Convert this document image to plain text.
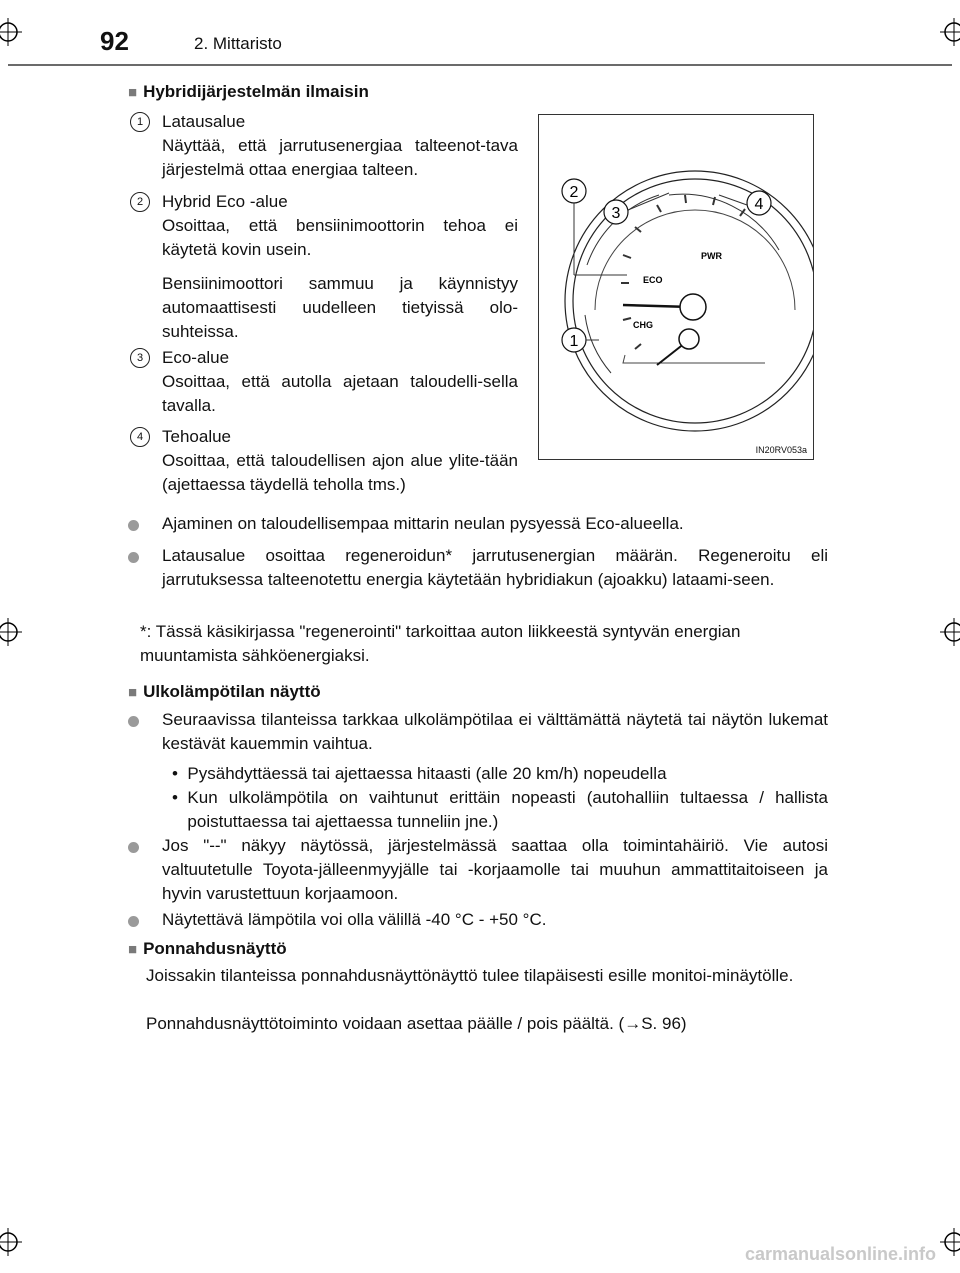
92	2. Mittaristo
■ Hybridijärjestelmän ilmaisin
1	Latausalue
Näyttää, että jarrutusenergiaa talteenot-tava järjestelmä ottaa energiaa talteen.
2	Hybrid Eco -alue
Osoittaa, että bensiinimoottorin tehoa ei käytetä kovin usein.
Bensiinimoottori sammuu ja käynnistyy automaattisesti uudelleen tietyissä olo-suhteissa.
3	Eco-alue
Osoittaa, että autolla ajetaan taloudelli-sella tavalla.
4	Tehoalue
Osoittaa, että taloudellisen ajon alue ylite-tään (ajettaessa täydellä teholla tms.)
ECO
PWR
CHG
2
3
4
1
IN20RV053a
Ajaminen on taloudellisempaa mittarin neulan pysyessä Eco-alueella.
Latausalue osoittaa regeneroidun* jarrutusenergian määrän. Regeneroitu eli jarrutuksessa talteenotettu energia käytetään hybridiakun (ajoakku) lataami-seen.
*: Tässä käsikirjassa "regenerointi" tarkoittaa auton liikkeestä syntyvän energian muuntamista sähköenergiaksi.
■ Ulkolämpötilan näyttö
Seuraavissa tilanteissa tarkkaa ulkolämpötilaa ei välttämättä näytetä tai näytön lukemat kestävät kauemmin vaihtua.
•  Pysähdyttäessä tai ajettaessa hitaasti (alle 20 km/h) nopeudella
• Kun ulkolämpötila on vaihtunut erittäin nopeasti (autohalliin tultaessa / hallista poistuttaessa tai ajettaessa tunneliin jne.)
Jos "--" näkyy näytössä, järjestelmässä saattaa olla toimintahäiriö. Vie autosi valtuutetulle Toyota-jälleenmyyjälle tai -korjaamolle tai muuhun ammattitaitoiseen ja hyvin varustettuun korjaamoon.
Näytettävä lämpötila voi olla välillä -40 °C - +50 °C.
■ Ponnahdusnäyttö
Joissakin tilanteissa ponnahdusnäyttönäyttö tulee tilapäisesti esille monitoi-minäytölle.
Ponnahdusnäyttötoiminto voidaan asettaa päälle / pois päältä. (→S. 96)
carmanualsonline.info
